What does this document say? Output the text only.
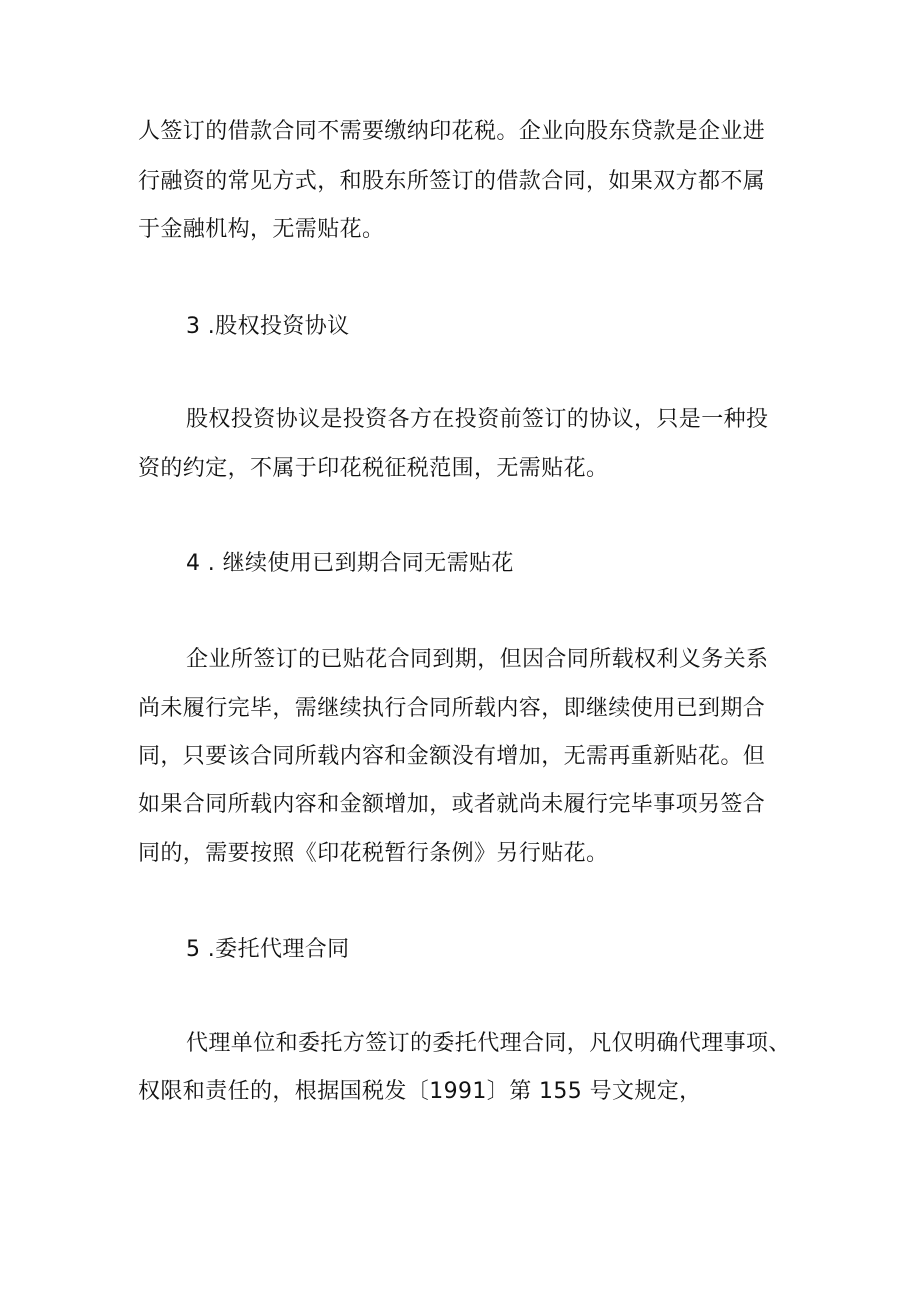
人签订的借款合同不需要缴纳印花税。企业向股东贷款是企业进
行融资的常见方式，和股东所签订的借款合同，如果双方都不属
于金融机构，无需贴花。
3 .股权投资协议
股权投资协议是投资各方在投资前签订的协议，只是一种投
资的约定，不属于印花税征税范围，无需贴花。
4 . 继续使用已到期合同无需贴花
企业所签订的已贴花合同到期，但因合同所载权利义务关系
尚未履行完毕，需继续执行合同所载内容，即继续使用已到期合
同，只要该合同所载内容和金额没有增加，无需再重新贴花。但
如果合同所载内容和金额增加，或者就尚未履行完毕事项另签合
同的，需要按照《印花税暂行条例》另行贴花。
5 .委托代理合同
代理单位和委托方签订的委托代理合同，凡仅明确代理事项、
权限和责任的，根据国税发〔1991〕第 155 号文规定，
